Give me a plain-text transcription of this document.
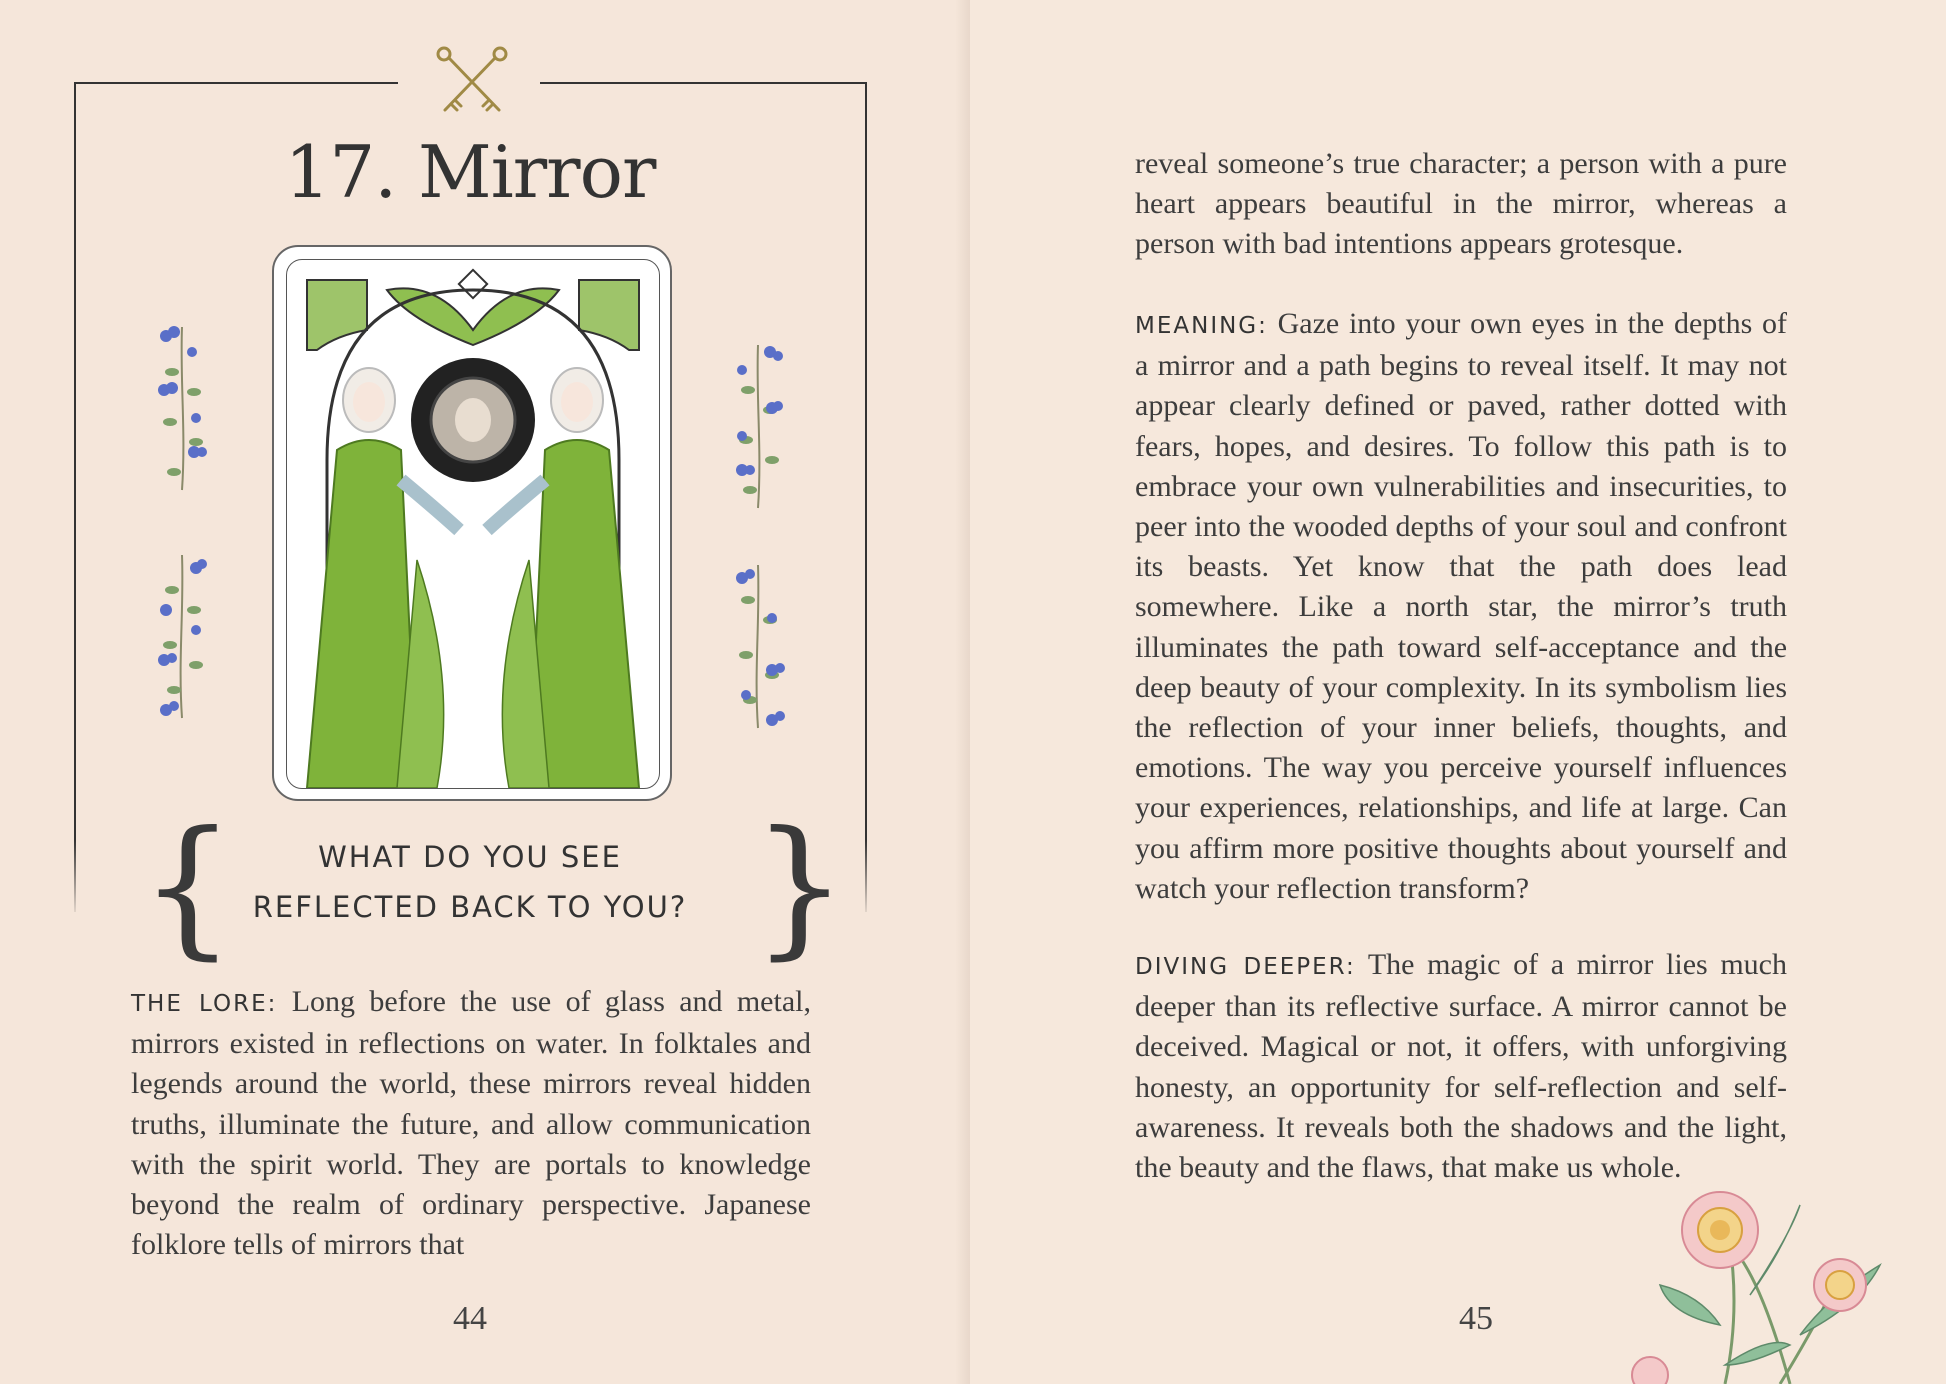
17. Mirror
{	}
WHAT DO YOU SEE
REFLECTED BACK TO YOU?
THE LORE: Long before the use of glass and metal, mirrors existed in reflections on water. In folktales and legends around the world, these mirrors reveal hidden truths, illuminate the future, and allow communication with the spirit world. They are portals to knowledge beyond the realm of ordinary perspective. Japanese folklore tells of mirrors that
44
reveal someone’s true character; a person with a pure heart appears beautiful in the mirror, whereas a person with bad intentions appears grotesque.
MEANING: Gaze into your own eyes in the depths of a mirror and a path begins to reveal itself. It may not appear clearly defined or paved, rather dotted with fears, hopes, and desires. To follow this path is to embrace your own vulnerabilities and insecurities, to peer into the wooded depths of your soul and confront its beasts. Yet know that the path does lead somewhere. Like a north star, the mirror’s truth illuminates the path toward self-acceptance and the deep beauty of your complexity. In its symbolism lies the reflection of your inner beliefs, thoughts, and emotions. The way you perceive yourself influences your experiences, relationships, and life at large. Can you affirm more positive thoughts about yourself and watch your reflection transform?
DIVING DEEPER: The magic of a mirror lies much deeper than its reflective surface. A mirror cannot be deceived. Magical or not, it offers, with unforgiving honesty, an opportunity for self-reflection and self- awareness. It reveals both the shadows and the light, the beauty and the flaws, that make us whole.
45
